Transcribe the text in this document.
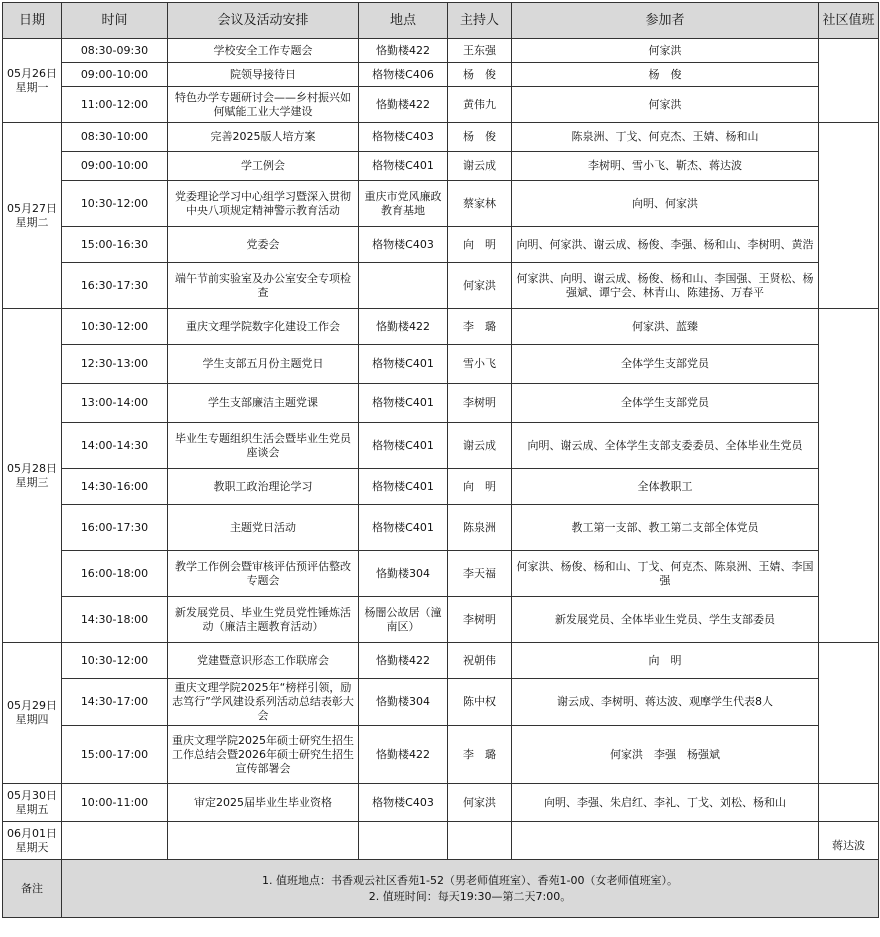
日期	时间	会议及活动安排	地点	主持人	参加者	社区值班

05月26日
星期一	08:30-09:30	学校安全工作专题会	恪勤楼422	王东强	何家洪	
	09:00-10:00	院领导接待日	格物楼C406	杨　俊	杨　俊	
	11:00-12:00	特色办学专题研讨会——乡村振兴如何赋能工业大学建设	恪勤楼422	黄伟九	何家洪	

05月27日
星期二	08:30-10:00	完善2025版人培方案	格物楼C403	杨　俊	陈泉洲、丁戈、何克杰、王婧、杨和山	
	09:00-10:00	学工例会	格物楼C401	谢云成	李树明、雪小飞、靳杰、蒋达波	
	10:30-12:00	党委理论学习中心组学习暨深入贯彻中央八项规定精神警示教育活动	重庆市党风廉政教育基地	蔡家林	向明、何家洪	
	15:00-16:30	党委会	格物楼C403	向　明	向明、何家洪、谢云成、杨俊、李强、杨和山、李树明、黄浩	
	16:30-17:30	端午节前实验室及办公室安全专项检查		何家洪	何家洪、向明、谢云成、杨俊、杨和山、李国强、王贤松、杨强斌、谭宁会、林青山、陈建扬、万春平	

05月28日
星期三	10:30-12:00	重庆文理学院数字化建设工作会	恪勤楼422	李　璐	何家洪、蓝臻	
	12:30-13:00	学生支部五月份主题党日	格物楼C401	雪小飞	全体学生支部党员	
	13:00-14:00	学生支部廉洁主题党课	格物楼C401	李树明	全体学生支部党员	
	14:00-14:30	毕业生专题组织生活会暨毕业生党员座谈会	格物楼C401	谢云成	向明、谢云成、全体学生支部支委委员、全体毕业生党员	
	14:30-16:00	教职工政治理论学习	格物楼C401	向　明	全体教职工	
	16:00-17:30	主题党日活动	格物楼C401	陈泉洲	教工第一支部、教工第二支部全体党员	
	16:00-18:00	教学工作例会暨审核评估预评估整改专题会	恪勤楼304	李天福	何家洪、杨俊、杨和山、丁戈、何克杰、陈泉洲、王婧、李国强	
	14:30-18:00	新发展党员、毕业生党员党性锤炼活动（廉洁主题教育活动）	杨闇公故居（潼南区）	李树明	新发展党员、全体毕业生党员、学生支部委员	

05月29日
星期四	10:30-12:00	党建暨意识形态工作联席会	恪勤楼422	祝朝伟	向　明	
	14:30-17:00	重庆文理学院2025年“榜样引领，励志笃行”学风建设系列活动总结表彰大会	恪勤楼304	陈中权	谢云成、李树明、蒋达波、观摩学生代表8人	
	15:00-17:00	重庆文理学院2025年硕士研究生招生工作总结会暨2026年硕士研究生招生宣传部署会	恪勤楼422	李　璐	何家洪　李强　杨强斌	

05月30日
星期五	10:00-11:00	审定2025届毕业生毕业资格	格物楼C403	何家洪	向明、李强、朱启红、李礼、丁戈、刘松、杨和山	

06月01日
星期天						蒋达波
备注	1. 值班地点：书香观云社区香苑1-52（男老师值班室）、香苑1-00（女老师值班室）。
2. 值班时间：每天19:30—第二天7:00。					
